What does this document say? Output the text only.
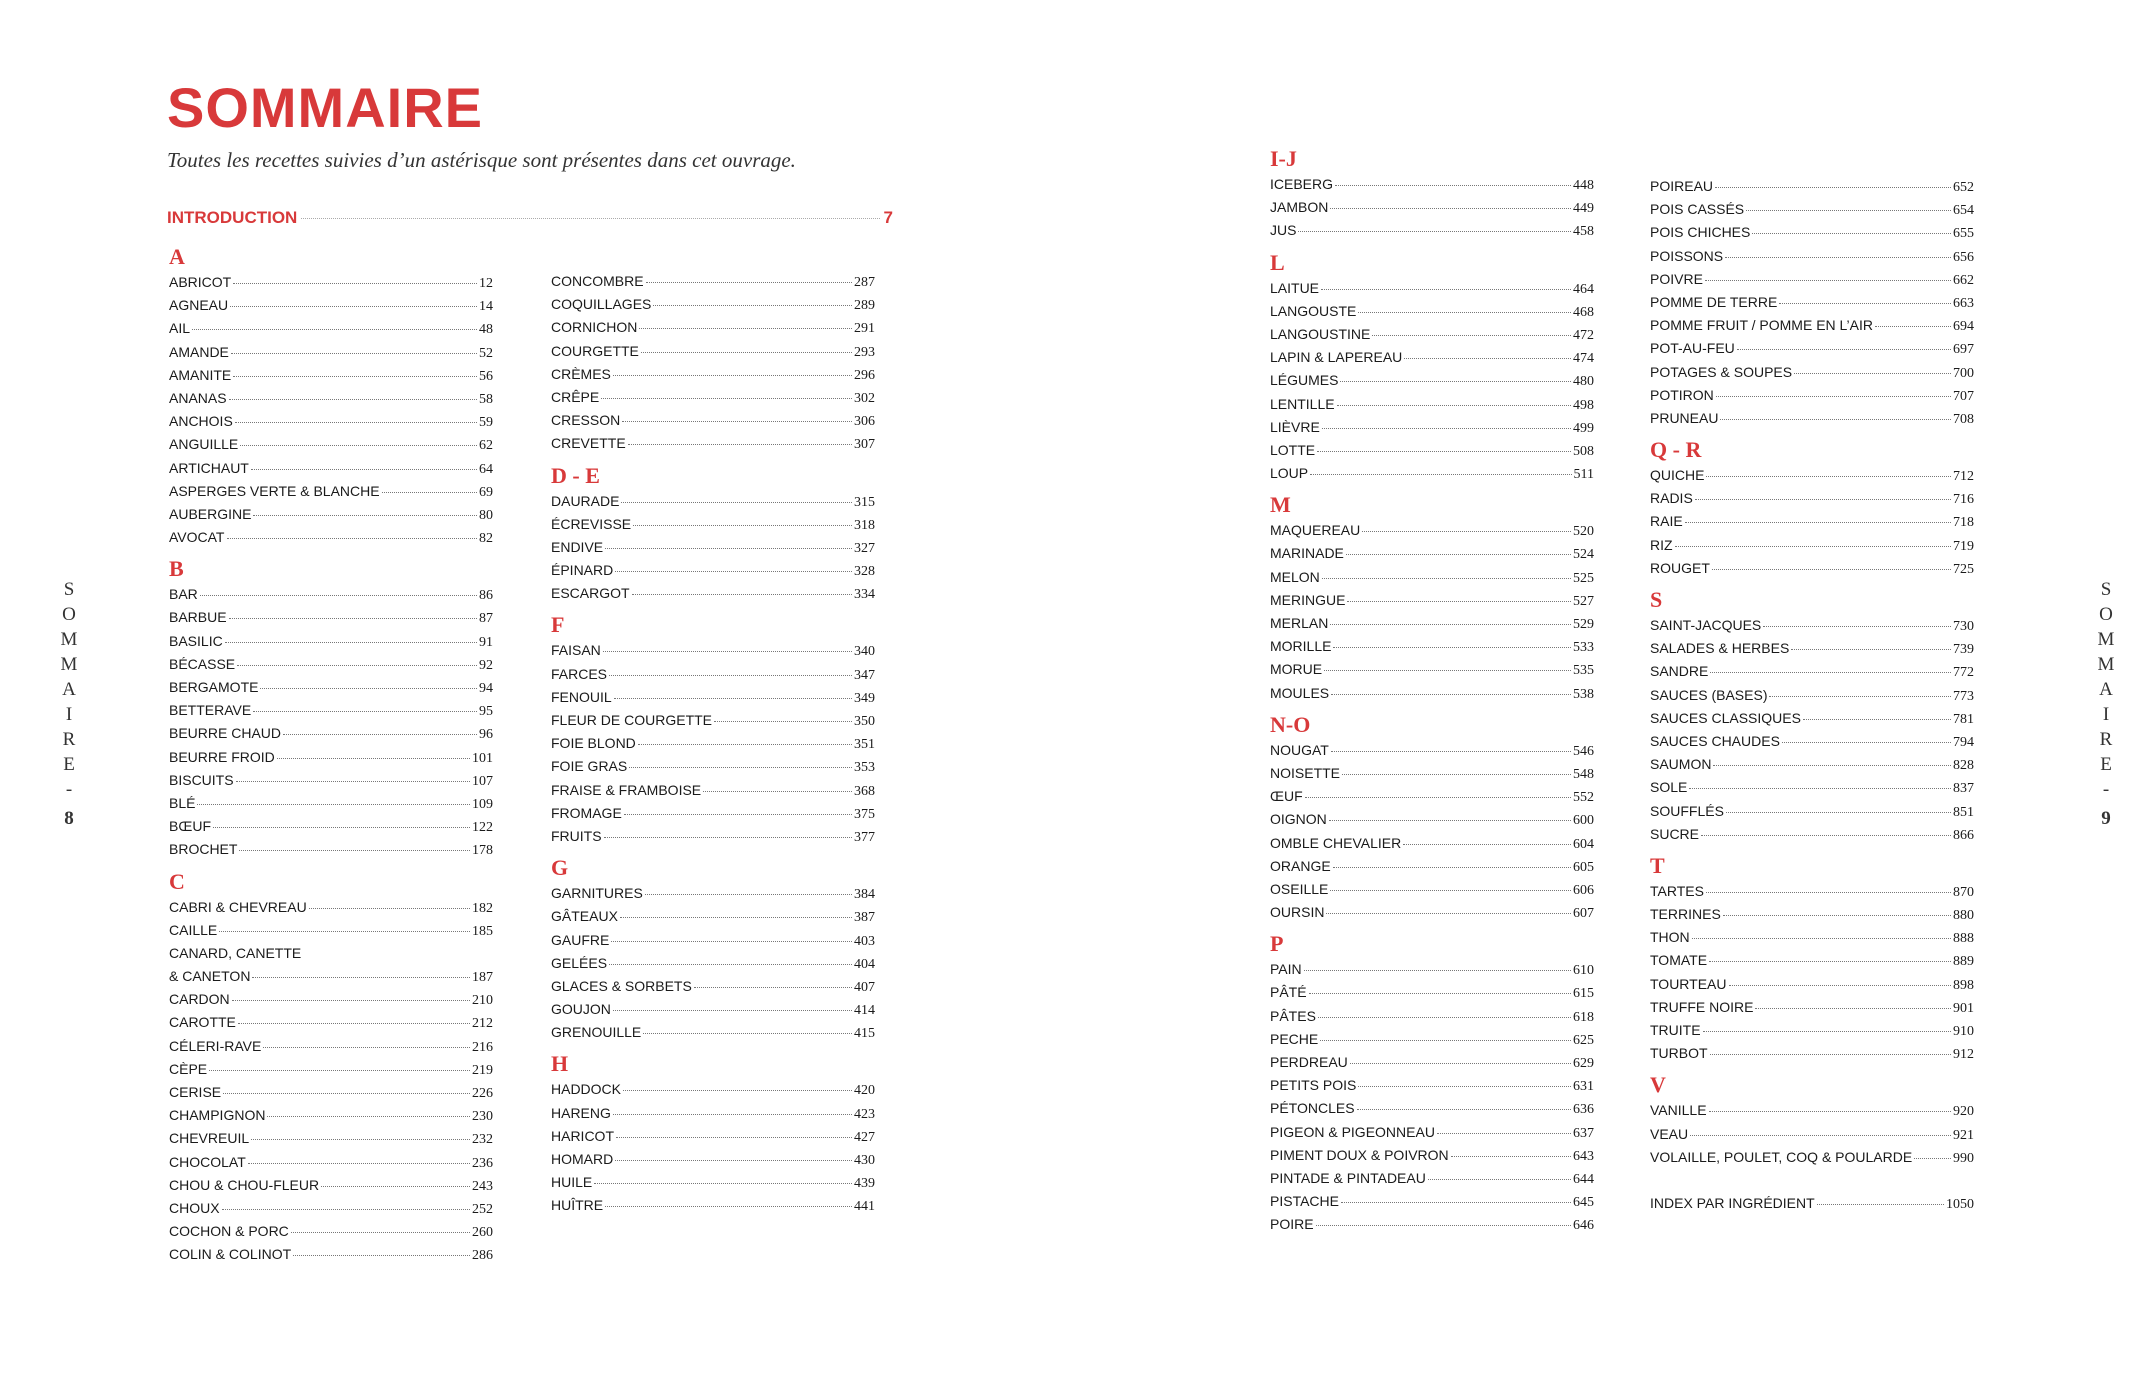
SOMMAIRE
Toutes les recettes suivies d’un astérisque sont présentes dans cet ouvrage.
INTRODUCTION	7
S
O
M
M
A
I
R
E
-
8
S
O
M
M
A
I
R
E
-
9
A
ABRICOT	12
AGNEAU	14
AIL	48
AMANDE	52
AMANITE	56
ANANAS	58
ANCHOIS	59
ANGUILLE	62
ARTICHAUT	64
ASPERGES VERTE & BLANCHE	69
AUBERGINE	80
AVOCAT	82
B
BAR	86
BARBUE	87
BASILIC	91
BÉCASSE	92
BERGAMOTE	94
BETTERAVE	95
BEURRE CHAUD	96
BEURRE FROID	101
BISCUITS	107
BLÉ	109
BŒUF	122
BROCHET	178
C
CABRI & CHEVREAU	182
CAILLE	185
CANARD, CANETTE
& CANETON	187
CARDON	210
CAROTTE	212
CÉLERI-RAVE	216
CÈPE	219
CERISE	226
CHAMPIGNON	230
CHEVREUIL	232
CHOCOLAT	236
CHOU & CHOU-FLEUR	243
CHOUX	252
COCHON & PORC	260
COLIN & COLINOT	286
CONCOMBRE	287
COQUILLAGES	289
CORNICHON	291
COURGETTE	293
CRÈMES	296
CRÊPE	302
CRESSON	306
CREVETTE	307
D - E
DAURADE	315
ÉCREVISSE	318
ENDIVE	327
ÉPINARD	328
ESCARGOT	334
F
FAISAN	340
FARCES	347
FENOUIL	349
FLEUR DE COURGETTE	350
FOIE BLOND	351
FOIE GRAS	353
FRAISE & FRAMBOISE	368
FROMAGE	375
FRUITS	377
G
GARNITURES	384
GÂTEAUX	387
GAUFRE	403
GELÉES	404
GLACES & SORBETS	407
GOUJON	414
GRENOUILLE	415
H
HADDOCK	420
HARENG	423
HARICOT	427
HOMARD	430
HUILE	439
HUÎTRE	441
I-J
ICEBERG	448
JAMBON	449
JUS	458
L
LAITUE	464
LANGOUSTE	468
LANGOUSTINE	472
LAPIN & LAPEREAU	474
LÉGUMES	480
LENTILLE	498
LIÈVRE	499
LOTTE	508
LOUP	511
M
MAQUEREAU	520
MARINADE	524
MELON	525
MERINGUE	527
MERLAN	529
MORILLE	533
MORUE	535
MOULES	538
N-O
NOUGAT	546
NOISETTE	548
ŒUF	552
OIGNON	600
OMBLE CHEVALIER	604
ORANGE	605
OSEILLE	606
OURSIN	607
P
PAIN	610
PÂTÉ	615
PÂTES	618
PECHE	625
PERDREAU	629
PETITS POIS	631
PÉTONCLES	636
PIGEON & PIGEONNEAU	637
PIMENT DOUX & POIVRON	643
PINTADE & PINTADEAU	644
PISTACHE	645
POIRE	646
POIREAU	652
POIS CASSÉS	654
POIS CHICHES	655
POISSONS	656
POIVRE	662
POMME DE TERRE	663
POMME FRUIT / POMME EN L’AIR	694
POT-AU-FEU	697
POTAGES & SOUPES	700
POTIRON	707
PRUNEAU	708
Q - R
QUICHE	712
RADIS	716
RAIE	718
RIZ	719
ROUGET	725
S
SAINT-JACQUES	730
SALADES & HERBES	739
SANDRE	772
SAUCES (BASES)	773
SAUCES CLASSIQUES	781
SAUCES CHAUDES	794
SAUMON	828
SOLE	837
SOUFFLÉS	851
SUCRE	866
T
TARTES	870
TERRINES	880
THON	888
TOMATE	889
TOURTEAU	898
TRUFFE NOIRE	901
TRUITE	910
TURBOT	912
V
VANILLE	920
VEAU	921
VOLAILLE, POULET, COQ & POULARDE	990
INDEX PAR INGRÉDIENT	1050
